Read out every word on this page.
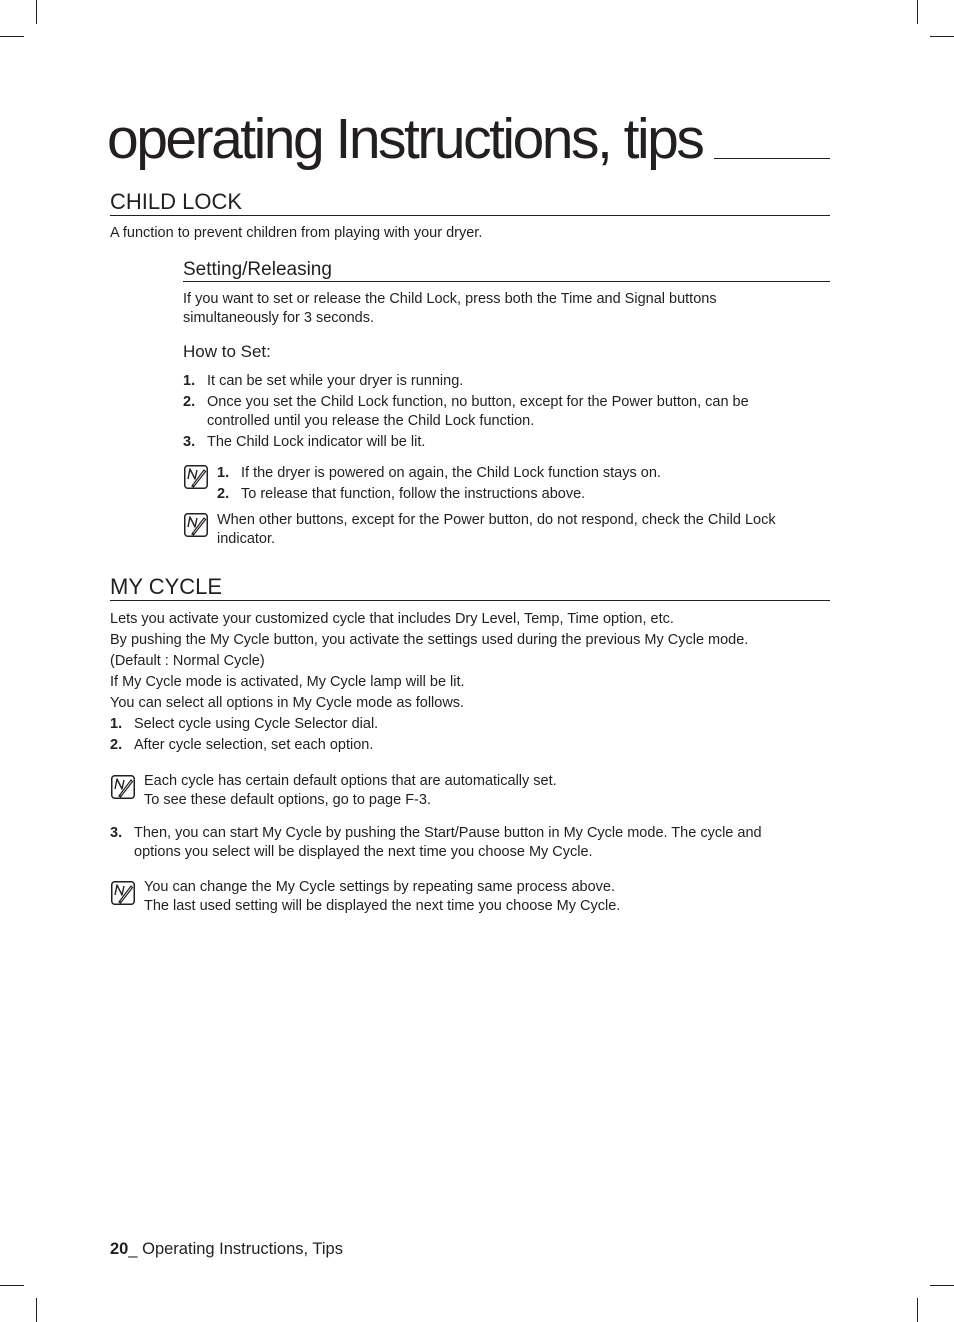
operating Instructions, tips
CHILD LOCK

A function to prevent children from playing with your dryer.

Setting/Releasing

If you want to set or release the Child Lock, press both the Time and Signal buttons

simultaneously for 3 seconds.

How to Set:

1. It can be set while your dryer is running.

2. Once you set the Child Lock function, no button, except for the Power button, can be

controlled until you release the Child Lock function.

3. The Child Lock indicator will be lit.

1. If the dryer is powered on again, the Child Lock function stays on.

2. To release that function, follow the instructions above.

When other buttons, except for the Power button, do not respond, check the Child Lock

indicator.

MY CYCLE

Lets you activate your customized cycle that includes Dry Level, Temp, Time option, etc.

By pushing the My Cycle button, you activate the settings used during the previous My Cycle mode.

(Default : Normal Cycle)

If My Cycle mode is activated, My Cycle lamp will be lit.

You can select all options in My Cycle mode as follows.

1. Select cycle using Cycle Selector dial.

2. After cycle selection, set each option.

Each cycle has certain default options that are automatically set.

To see these default options, go to page F-3.

3. Then, you can start My Cycle by pushing the Start/Pause button in My Cycle mode. The cycle and

options you select will be displayed the next time you choose My Cycle.

You can change the My Cycle settings by repeating same process above.

The last used setting will be displayed the next time you choose My Cycle.

20_ Operating Instructions, Tips
